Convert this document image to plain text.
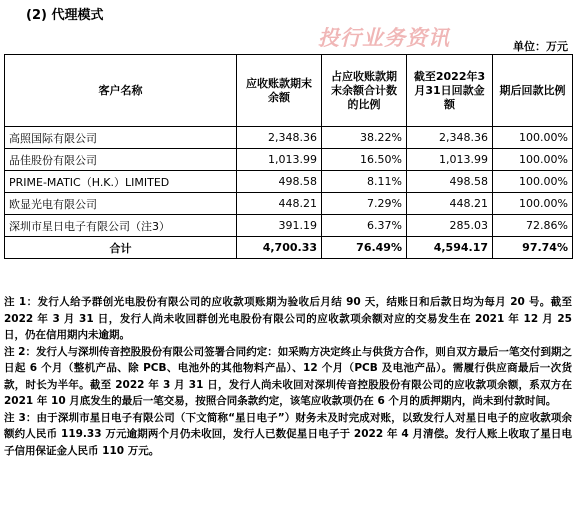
(2) 代理模式
投行业务资讯	单位：万元
客户名称	应收账款期末余额	占应收账款期末余额合计数的比例	截至2022年3月31日回款金额	期后回款比例
高照国际有限公司	2,348.36	38.22%	2,348.36	100.00%
品佳股份有限公司	1,013.99	16.50%	1,013.99	100.00%
PRIME-MATIC（H.K.）LIMITED	498.58	8.11%	498.58	100.00%
欧显光电有限公司	448.21	7.29%	448.21	100.00%
深圳市星日电子有限公司（注3）	391.19	6.37%	285.03	72.86%
合计	4,700.33	76.49%	4,594.17	97.74%

注 1：发行人给予群创光电股份有限公司的应收款项账期为验收后月结 90 天，结账日和后款日均为每月 20 号。截至 2022 年 3 月 31 日，发行人尚未收回群创光电股份有限公司的应收款项余额对应的交易发生在 2021 年 12 月 25 日，仍在信用期内未逾期。

注 2：发行人与深圳传音控股股份有限公司签署合同约定：如采购方决定终止与供货方合作，则自双方最后一笔交付到期之日起 6 个月（整机产品、除 PCB、电池外的其他物料产品）、12 个月（PCB 及电池产品）。需履行供应商最后一次货款，时长为半年。截至 2022 年 3 月 31 日，发行人尚未收回对深圳传音控股股份有限公司的应收款项余额，系双方在 2021 年 10 月底发生的最后一笔交易，按照合同条款约定，该笔应收款项仍在 6 个月的质押期内，尚未到付款时间。

注 3：由于深圳市星日电子有限公司（下文简称“星日电子”）财务未及时完成对账，以致发行人对星日电子的应收款项余额约人民币 119.33 万元逾期两个月仍未收回，发行人已数促星日电子于 2022 年 4 月清偿。发行人账上收取了星日电子信用保证金人民币 110 万元。
